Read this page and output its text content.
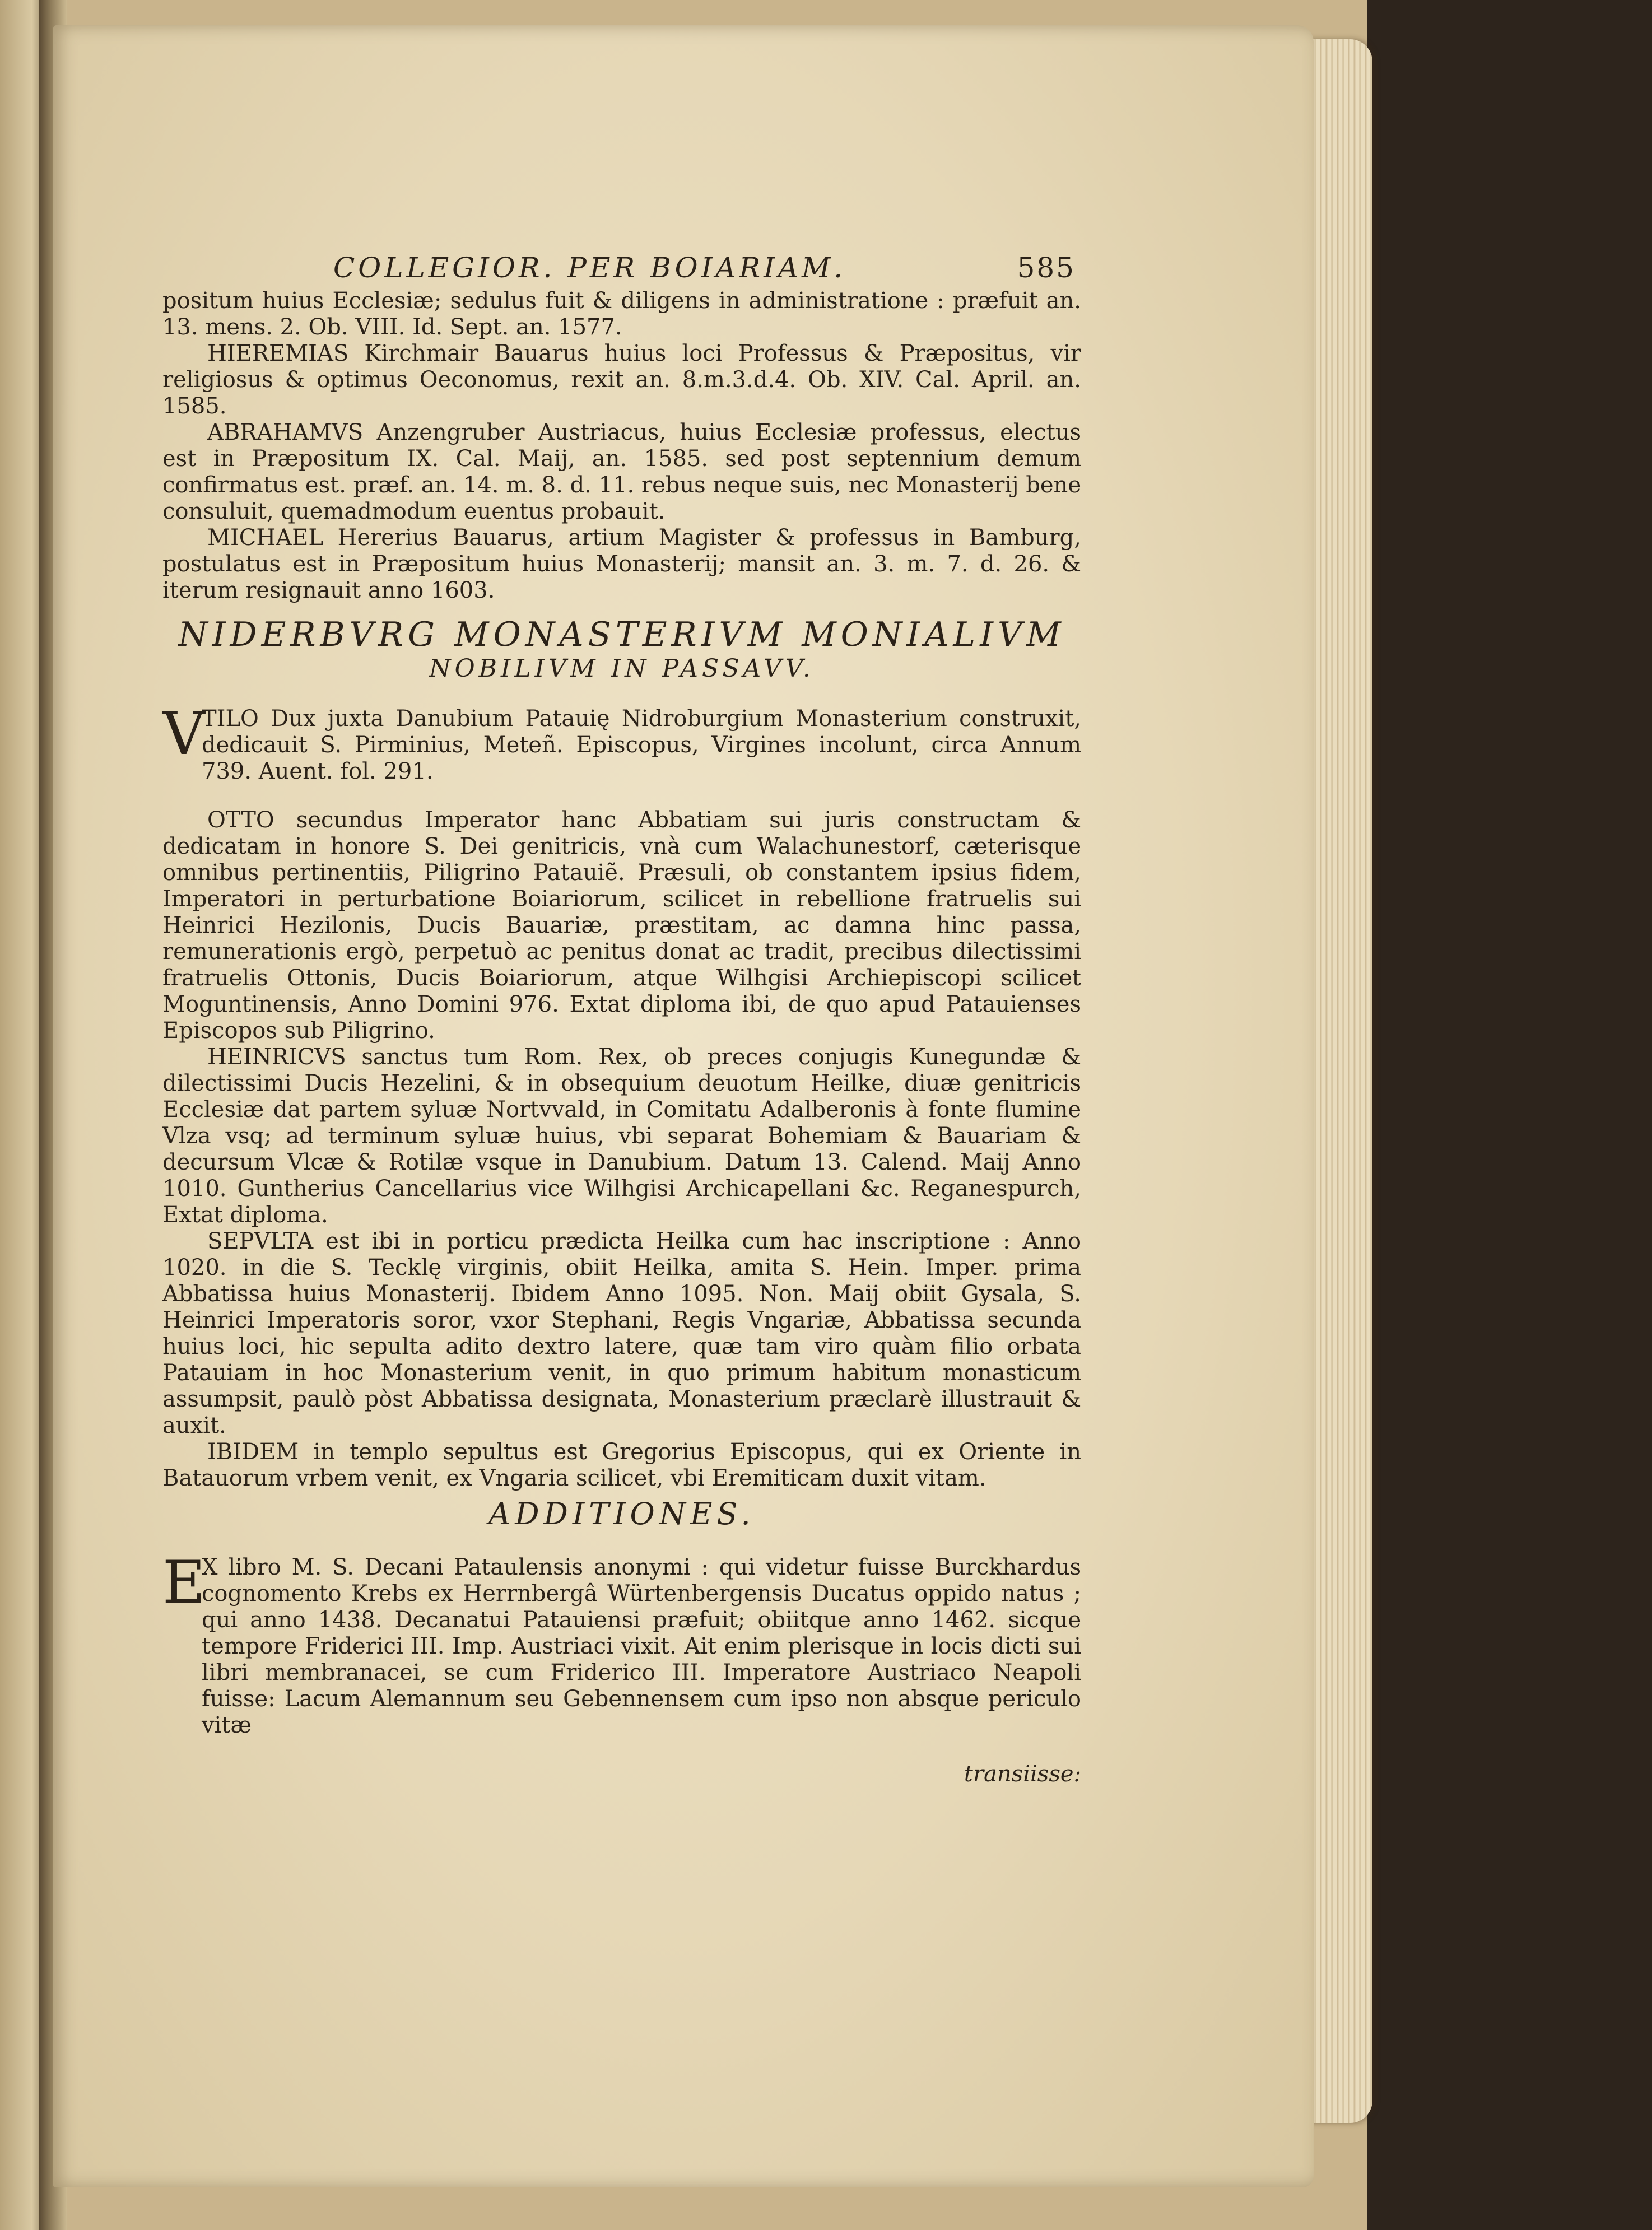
COLLEGIOR. PER BOIARIAM.	585

positum huius Ecclesiæ; sedulus fuit & diligens in administratione : præfuit an. 13. mens. 2. Ob. VIII. Id. Sept. an. 1577.

HIEREMIAS Kirchmair Bauarus huius loci Professus & Præpositus, vir religiosus & optimus Oeconomus, rexit an. 8.m.3.d.4. Ob. XIV. Cal. April. an. 1585.

ABRAHAMVS Anzengruber Austriacus, huius Ecclesiæ professus, electus est in Præpositum IX. Cal. Maij, an. 1585. sed post septennium demum confirmatus est. præf. an. 14. m. 8. d. 11. rebus neque suis, nec Monasterij bene consuluit, quemadmodum euentus probauit.

MICHAEL Hererius Bauarus, artium Magister & professus in Bamburg, postulatus est in Præpositum huius Monasterij; mansit an. 3. m. 7. d. 26. & iterum resignauit anno 1603.

NIDERBVRG MONASTERIVM MONIALIVM
NOBILIVM IN PASSAVV.

V
TILO Dux juxta Danubium Patauię Nidroburgium Monasterium construxit, dedicauit S. Pirminius, Meteñ. Episcopus, Virgines incolunt, circa Annum 739. Auent. fol. 291.

OTTO secundus Imperator hanc Abbatiam sui juris constructam & dedicatam in honore S. Dei genitricis, vnà cum Walachunestorf, cæterisque omnibus pertinentiis, Piligrino Patauiẽ. Præsuli, ob constantem ipsius fidem, Imperatori in perturbatione Boiariorum, scilicet in rebellione fratruelis sui Heinrici Hezilonis, Ducis Bauariæ, præstitam, ac damna hinc passa, remunerationis ergò, perpetuò ac penitus donat ac tradit, precibus dilectissimi fratruelis Ottonis, Ducis Boiariorum, atque Wilhgisi Archiepiscopi scilicet Moguntinensis, Anno Domini 976. Extat diploma ibi, de quo apud Patauienses Episcopos sub Piligrino.

HEINRICVS sanctus tum Rom. Rex, ob preces conjugis Kunegundæ & dilectissimi Ducis Hezelini, & in obsequium deuotum Heilke, diuæ genitricis Ecclesiæ dat partem syluæ Nortvvald, in Comitatu Adalberonis à fonte flumine Vlza vsq; ad terminum syluæ huius, vbi separat Bohemiam & Bauariam & decursum Vlcæ & Rotilæ vsque in Danubium. Datum 13. Calend. Maij Anno 1010. Guntherius Cancellarius vice Wilhgisi Archicapellani &c. Reganespurch, Extat diploma.

SEPVLTA est ibi in porticu prædicta Heilka cum hac inscriptione : Anno 1020. in die S. Tecklę virginis, obiit Heilka, amita S. Hein. Imper. prima Abbatissa huius Monasterij. Ibidem Anno 1095. Non. Maij obiit Gysala, S. Heinrici Imperatoris soror, vxor Stephani, Regis Vngariæ, Abbatissa secunda huius loci, hic sepulta adito dextro latere, quæ tam viro quàm filio orbata Patauiam in hoc Monasterium venit, in quo primum habitum monasticum assumpsit, paulò pòst Abbatissa designata, Monasterium præclarè illustrauit & auxit.

IBIDEM in templo sepultus est Gregorius Episcopus, qui ex Oriente in Batauorum vrbem venit, ex Vngaria scilicet, vbi Eremiticam duxit vitam.

ADDITIONES.

E
X libro M. S. Decani Pataulensis anonymi : qui videtur fuisse Burckhardus cognomento Krebs ex Herrnbergâ Würtenbergensis Ducatus oppido natus ; qui anno 1438. Decanatui Patauiensi præfuit; obiitque anno 1462. sicque tempore Friderici III. Imp. Austriaci vixit. Ait enim plerisque in locis dicti sui libri membranacei, se cum Friderico III. Imperatore Austriaco Neapoli fuisse: Lacum Alemannum seu Gebennensem cum ipso non absque periculo vitæ

transiisse:
